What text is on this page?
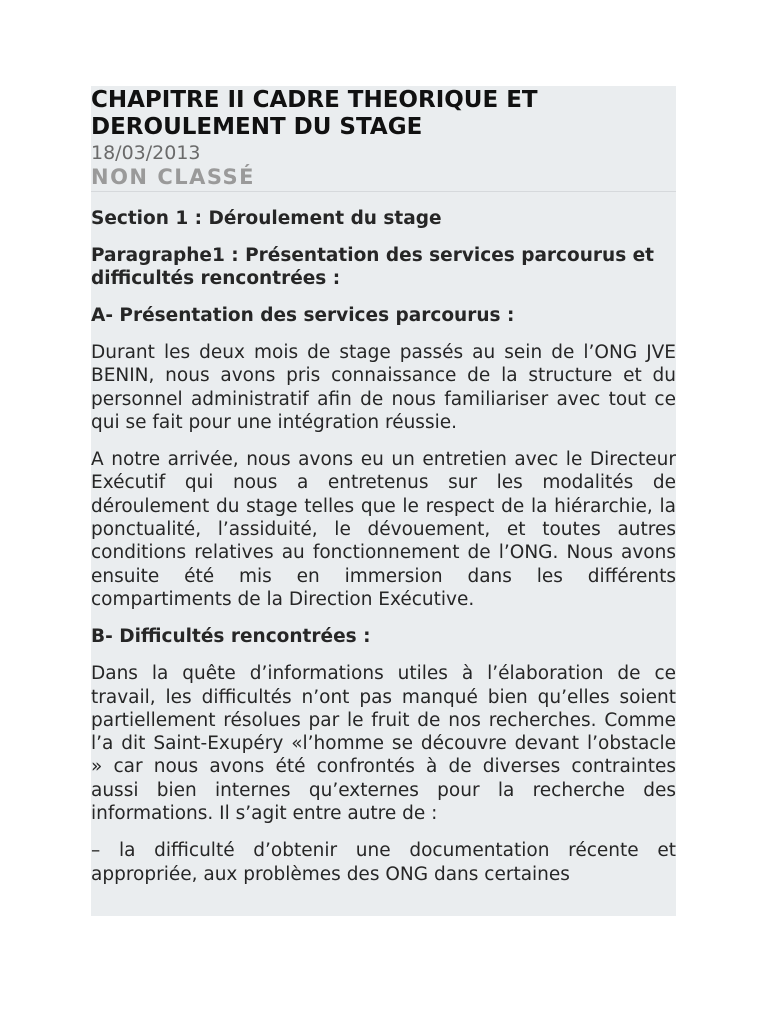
CHAPITRE II CADRE THEORIQUE ET DEROULEMENT DU STAGE
18/03/2013
NON CLASSÉ

Section 1 : Déroulement du stage

Paragraphe1 : Présentation des services parcourus et difficultés rencontrées :

A- Présentation des services parcourus :

Durant les deux mois de stage passés au sein de l’ONG JVE BENIN, nous avons pris connaissance de la structure et du personnel administratif afin de nous familiariser avec tout ce qui se fait pour une intégration réussie.

A notre arrivée, nous avons eu un entretien avec le Directeur Exécutif qui nous a entretenus sur les modalités de déroulement du stage telles que le respect de la hiérarchie, la ponctualité, l’assiduité, le dévouement, et toutes autres conditions relatives au fonctionnement de l’ONG. Nous avons ensuite été mis en immersion dans les différents compartiments de la Direction Exécutive.

B- Difficultés rencontrées :

Dans la quête d’informations utiles à l’élaboration de ce travail, les difficultés n’ont pas manqué bien qu’elles soient partiellement résolues par le fruit de nos recherches. Comme l’a dit Saint-Exupéry «l’homme se découvre devant l’obstacle » car nous avons été confrontés à de diverses contraintes aussi bien internes qu’externes pour la recherche des informations. Il s’agit entre autre de :

– la difficulté d’obtenir une documentation récente et appropriée, aux problèmes des ONG dans certaines
